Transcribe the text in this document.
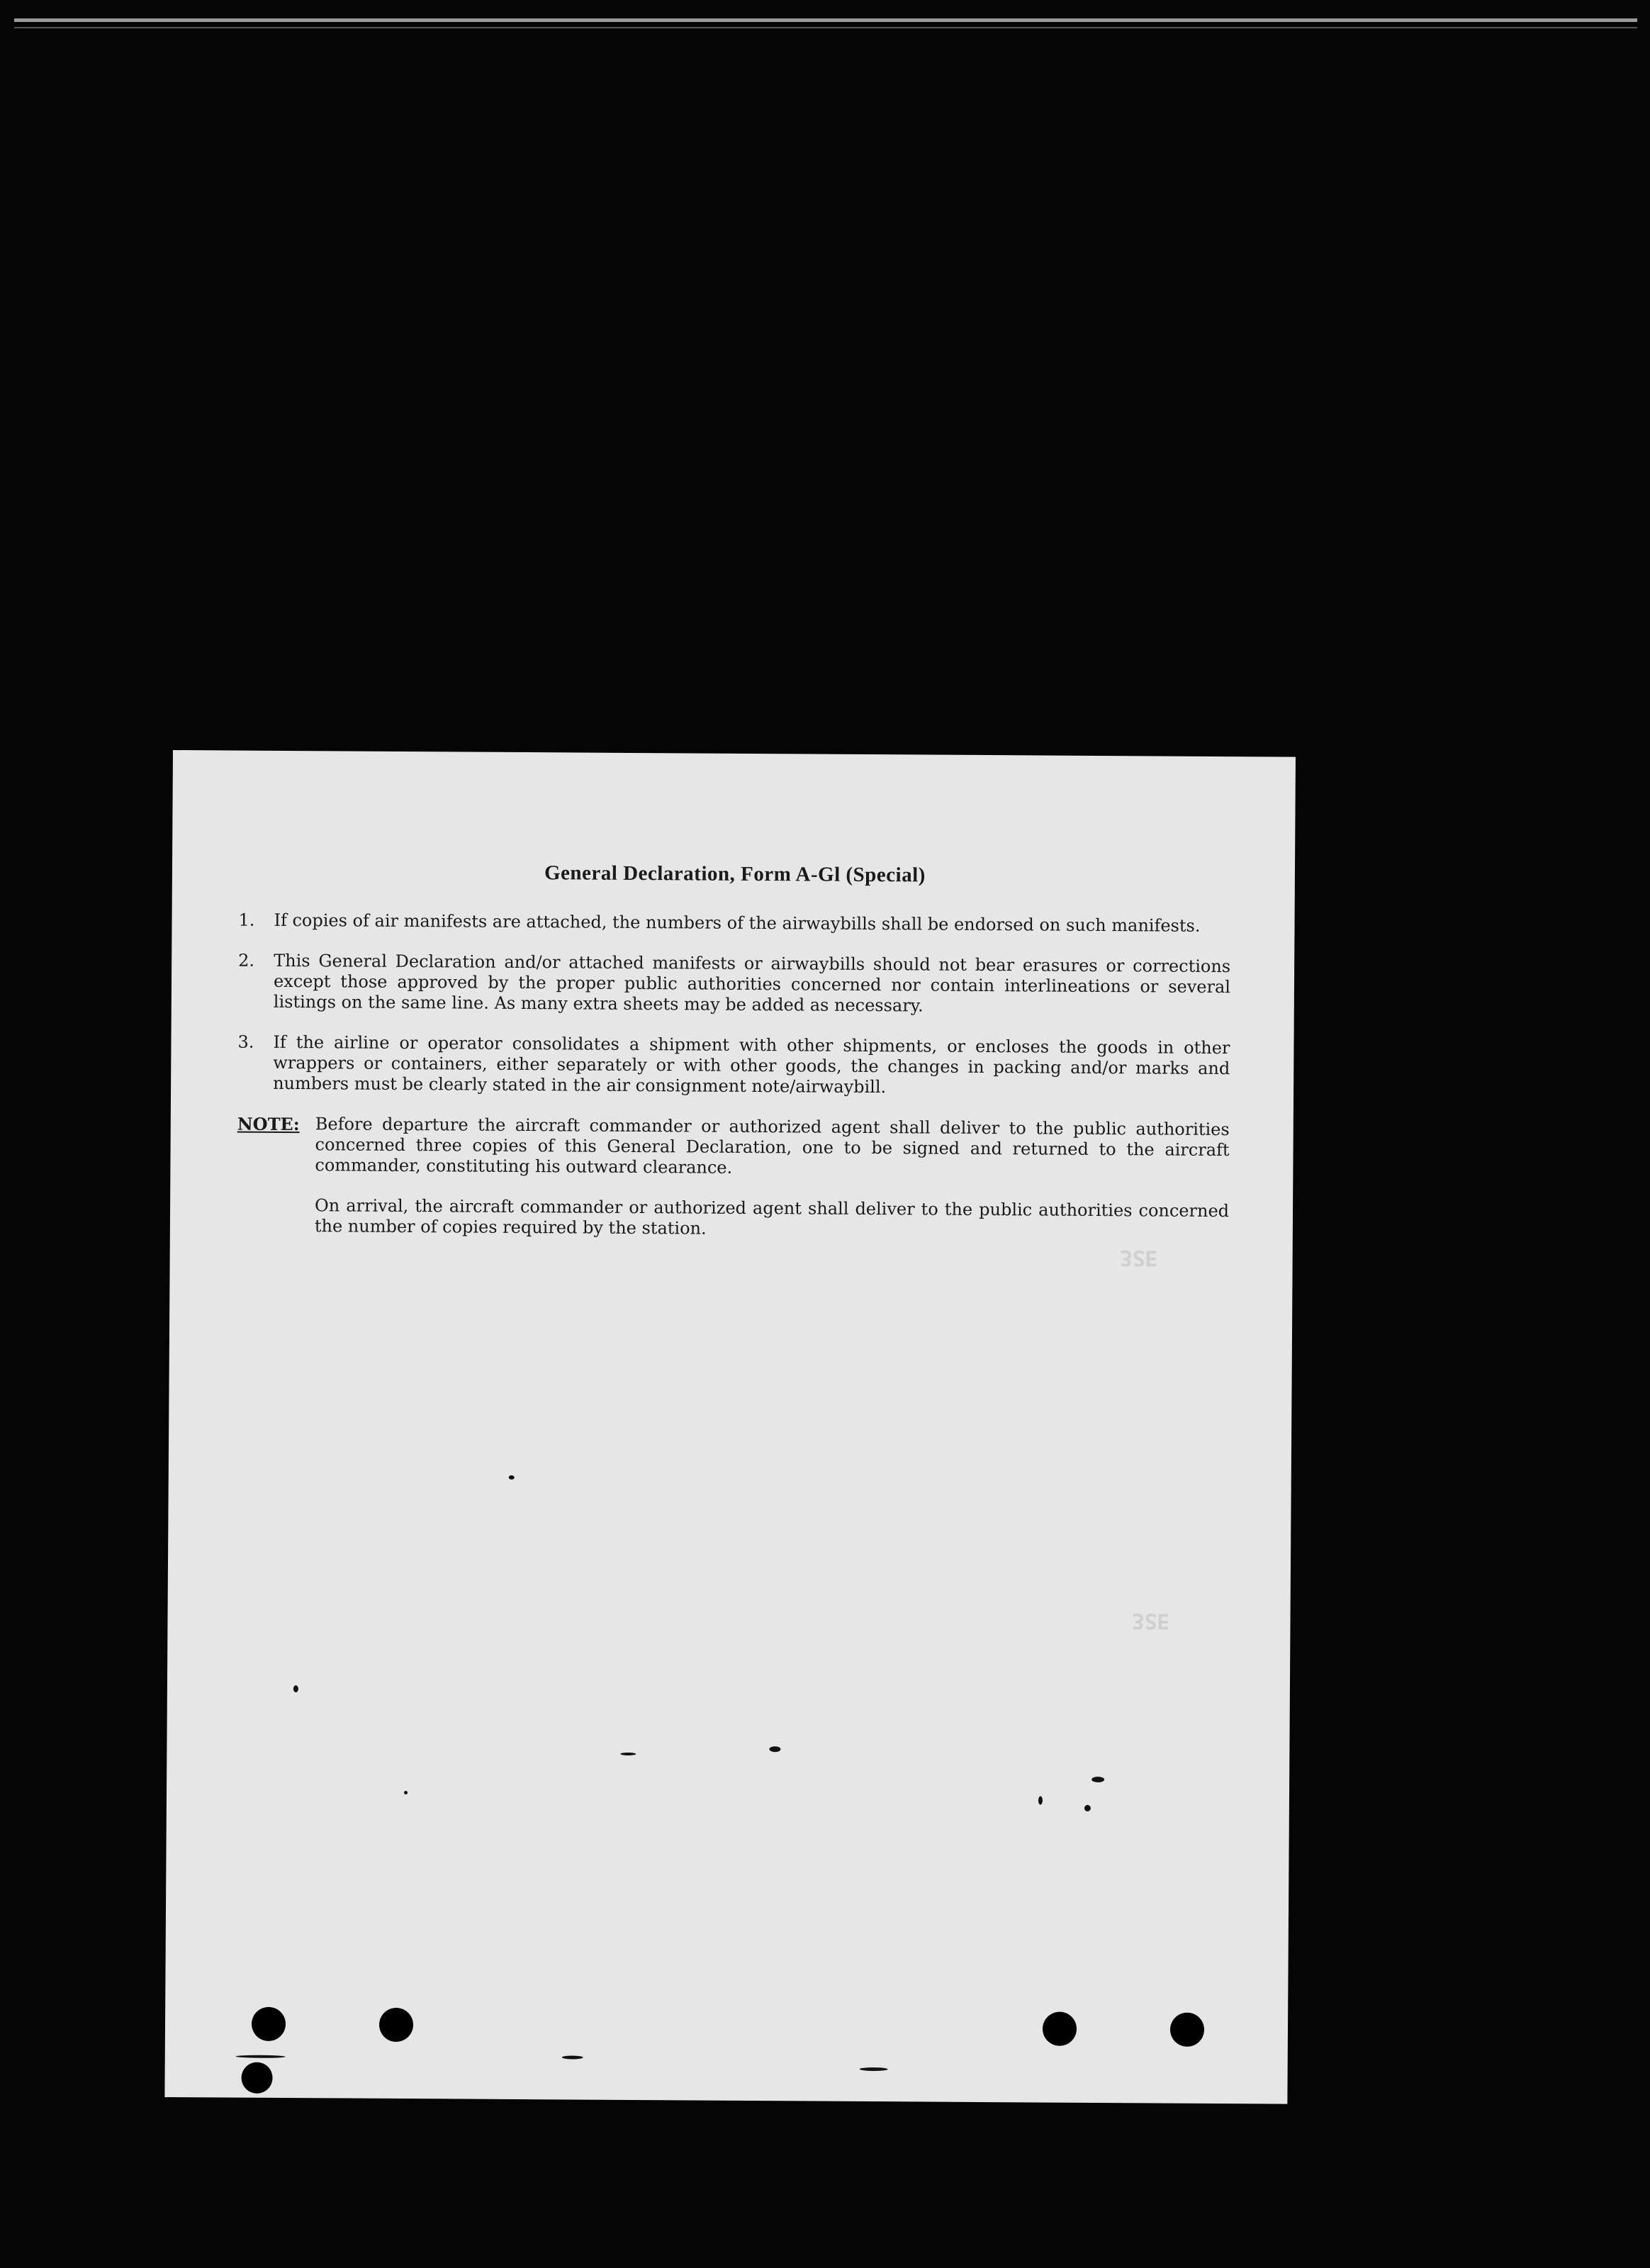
General Declaration, Form A-Gl (Special)
1. If copies of air manifests are attached, the numbers of the airwaybills shall be endorsed on such manifests.
2. This General Declaration and/or attached manifests or airwaybills should not bear erasures or corrections except those approved by the proper public authorities concerned nor contain interlineations or several listings on the same line. As many extra sheets may be added as necessary.
3. If the airline or operator consolidates a shipment with other shipments, or encloses the goods in other wrappers or containers, either separately or with other goods, the changes in packing and/or marks and numbers must be clearly stated in the air consignment note/airwaybill.
NOTE: Before departure the aircraft commander or authorized agent shall deliver to the public authorities concerned three copies of this General Declaration, one to be signed and returned to the aircraft commander, constituting his outward clearance.

On arrival, the aircraft commander or authorized agent shall deliver to the public authorities concerned the number of copies required by the station.

ƎSƐ
ƎSƐ
